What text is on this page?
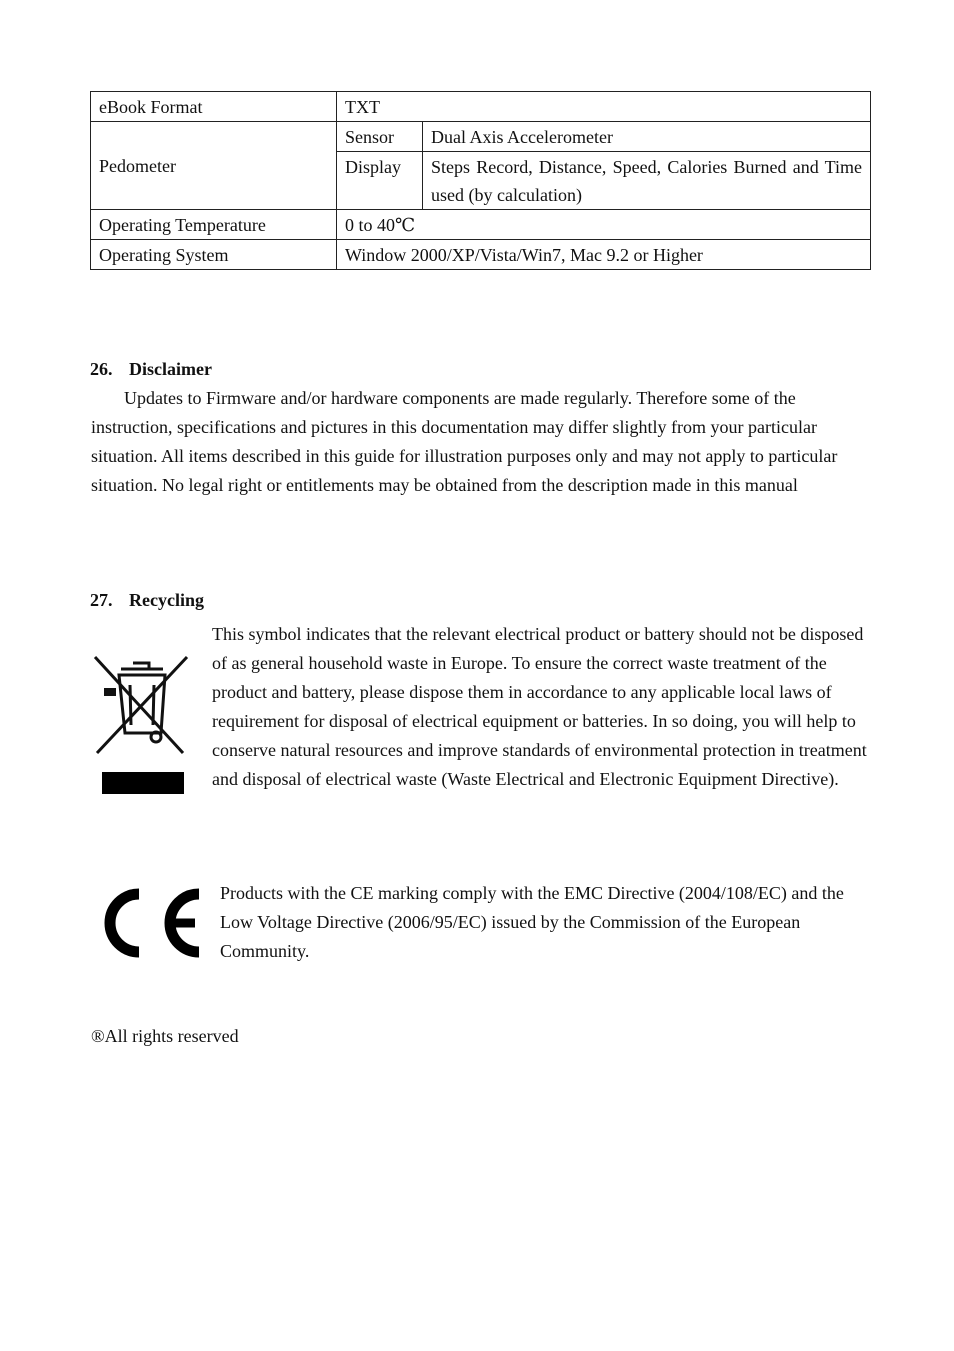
eBook Format	TXT	
Pedometer	Sensor	Dual Axis Accelerometer
	Display	Steps Record, Distance, Speed, Calories Burned and Time used (by calculation)
Operating Temperature	0 to 40℃	
Operating System	Window 2000/XP/Vista/Win7, Mac 9.2 or Higher	
26. Disclaimer

Updates to Firmware and/or hardware components are made regularly. Therefore some of the instruction, specifications and pictures in this documentation may differ slightly from your particular situation. All items described in this guide for illustration purposes only and may not apply to particular situation. No legal right or entitlements may be obtained from the description made in this manual

27. Recycling

This symbol indicates that the relevant electrical product or battery should not be disposed of as general household waste in Europe. To ensure the correct waste treatment of the product and battery, please dispose them in accordance to any applicable local laws of requirement for disposal of electrical equipment or batteries. In so doing, you will help to conserve natural resources and improve standards of environmental protection in treatment and disposal of electrical waste (Waste Electrical and Electronic Equipment Directive).

Products with the CE marking comply with the EMC Directive (2004/108/EC) and the Low Voltage Directive (2006/95/EC) issued by the Commission of the European Community.

®All rights reserved
